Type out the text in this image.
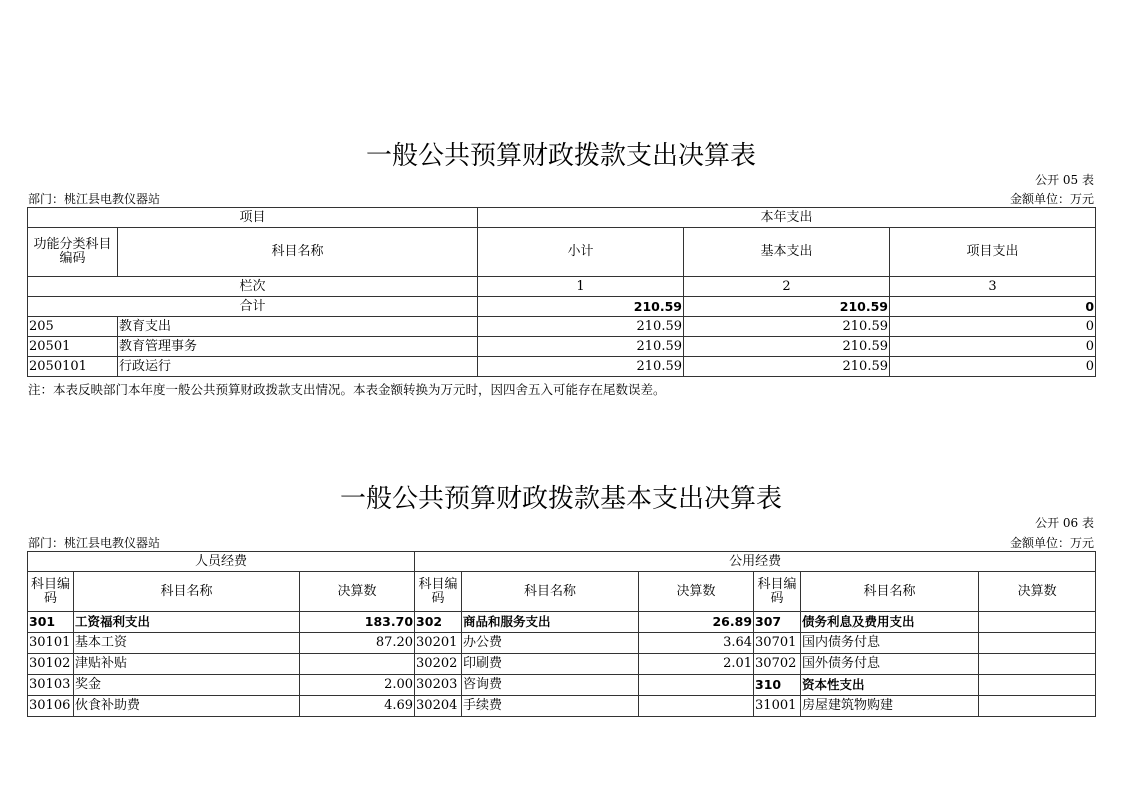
一般公共预算财政拨款支出决算表
公开 05 表
部门：桃江县电教仪器站	金额单位：万元
项目		本年支出		
功能分类科目编码	科目名称	小计	基本支出	项目支出
栏次		1	2	3
合计		210.59	210.59	0
205	教育支出	210.59	210.59	0
20501	教育管理事务	210.59	210.59	0
2050101	行政运行	210.59	210.59	0
注：本表反映部门本年度一般公共预算财政拨款支出情况。本表金额转换为万元时，因四舍五入可能存在尾数误差。
一般公共预算财政拨款基本支出决算表
公开 06 表
部门：桃江县电教仪器站	金额单位：万元
人员经费			公用经费					
科目编码	科目名称	决算数	科目编码	科目名称	决算数	科目编码	科目名称	决算数
301	工资福利支出	183.70	302	商品和服务支出	26.89	307	债务利息及费用支出	
30101	基本工资	87.20	30201	办公费	3.64	30701	国内债务付息	
30102	津贴补贴		30202	印刷费	2.01	30702	国外债务付息	
30103	奖金	2.00	30203	咨询费		310	资本性支出	
30106	伙食补助费	4.69	30204	手续费		31001	房屋建筑物购建	
